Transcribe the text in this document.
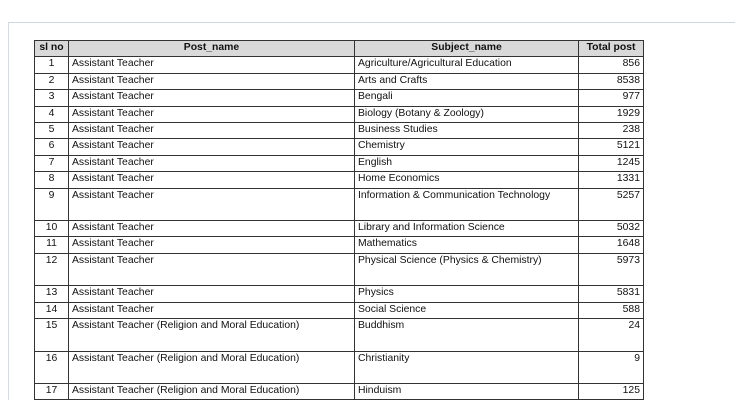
sl no	Post_name	Subject_name	Total post
1	Assistant Teacher	Agriculture/Agricultural Education	856
2	Assistant Teacher	Arts and Crafts	8538
3	Assistant Teacher	Bengali	977
4	Assistant Teacher	Biology (Botany & Zoology)	1929
5	Assistant Teacher	Business Studies	238
6	Assistant Teacher	Chemistry	5121
7	Assistant Teacher	English	1245
8	Assistant Teacher	Home Economics	1331
9	Assistant Teacher	Information & Communication Technology	5257
10	Assistant Teacher	Library and Information Science	5032
11	Assistant Teacher	Mathematics	1648
12	Assistant Teacher	Physical Science (Physics & Chemistry)	5973
13	Assistant Teacher	Physics	5831
14	Assistant Teacher	Social Science	588
15	Assistant Teacher (Religion and Moral Education)	Buddhism	24
16	Assistant Teacher (Religion and Moral Education)	Christianity	9
17	Assistant Teacher (Religion and Moral Education)	Hinduism	125
